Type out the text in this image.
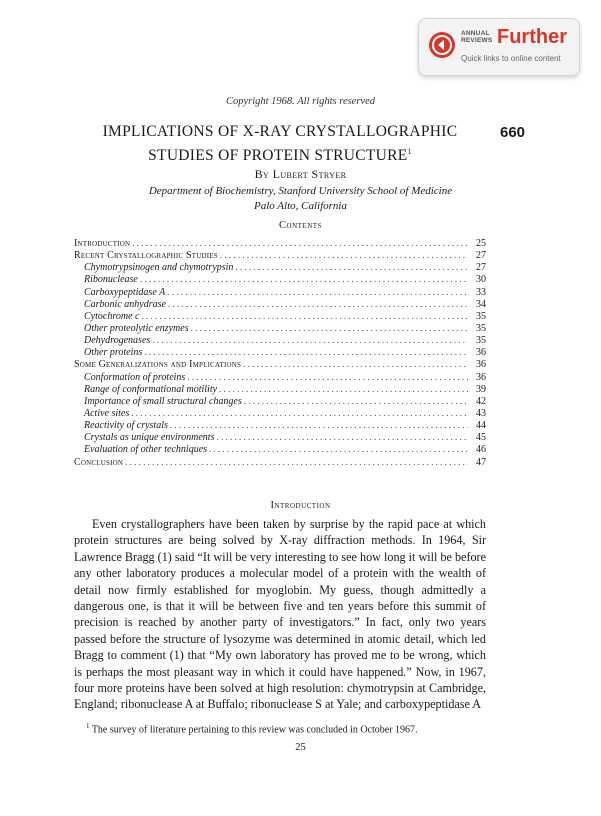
ANNUAL
REVIEWS Further
Quick links to online content
Copyright 1968. All rights reserved
IMPLICATIONS OF X-RAY CRYSTALLOGRAPHIC
STUDIES OF PROTEIN STRUCTURE$^1$
660
By Lubert Stryer
Department of Biochemistry, Stanford University School of Medicine
Palo Alto, California
Contents
Introduction . . .	25
Recent Crystallographic Studies . . .	27
Chymotrypsinogen and chymotrypsin . . .	27
Ribonuclease . . .	30
Carboxypeptidase A . . .	33
Carbonic anhydrase . . .	34
Cytochrome c . . .	35
Other proteolytic enzymes . . .	35
Dehydrogenases . . .	35
Other proteins . . .	36
Some Generalizations and Implications . . .	36
Conformation of proteins . . .	36
Range of conformational motility . . .	39
Importance of small structural changes . . .	42
Active sites . . .	43
Reactivity of crystals . . .	44
Crystals as unique environments . . .	45
Evaluation of other techniques . . .	46
Conclusion . . .	47
Introduction

Even crystallographers have been taken by surprise by the rapid pace at which protein structures are being solved by X-ray diffraction methods. In 1964, Sir Lawrence Bragg (1) said “It will be very interesting to see how long it will be before any other laboratory produces a molecular model of a protein with the wealth of detail now firmly established for myoglobin. My guess, though admittedly a dangerous one, is that it will be between five and ten years before this summit of precision is reached by another party of investigators.” In fact, only two years passed before the structure of lysozyme was determined in atomic detail, which led Bragg to comment (1) that “My own laboratory has proved me to be wrong, which is perhaps the most pleasant way in which it could have happened.” Now, in 1967, four more proteins have been solved at high resolution: chymotrypsin at Cambridge, England; ribonuclease A at Buffalo; ribonuclease S at Yale; and carboxypeptidase A

$^1$ The survey of literature pertaining to this review was concluded in October 1967.

25
